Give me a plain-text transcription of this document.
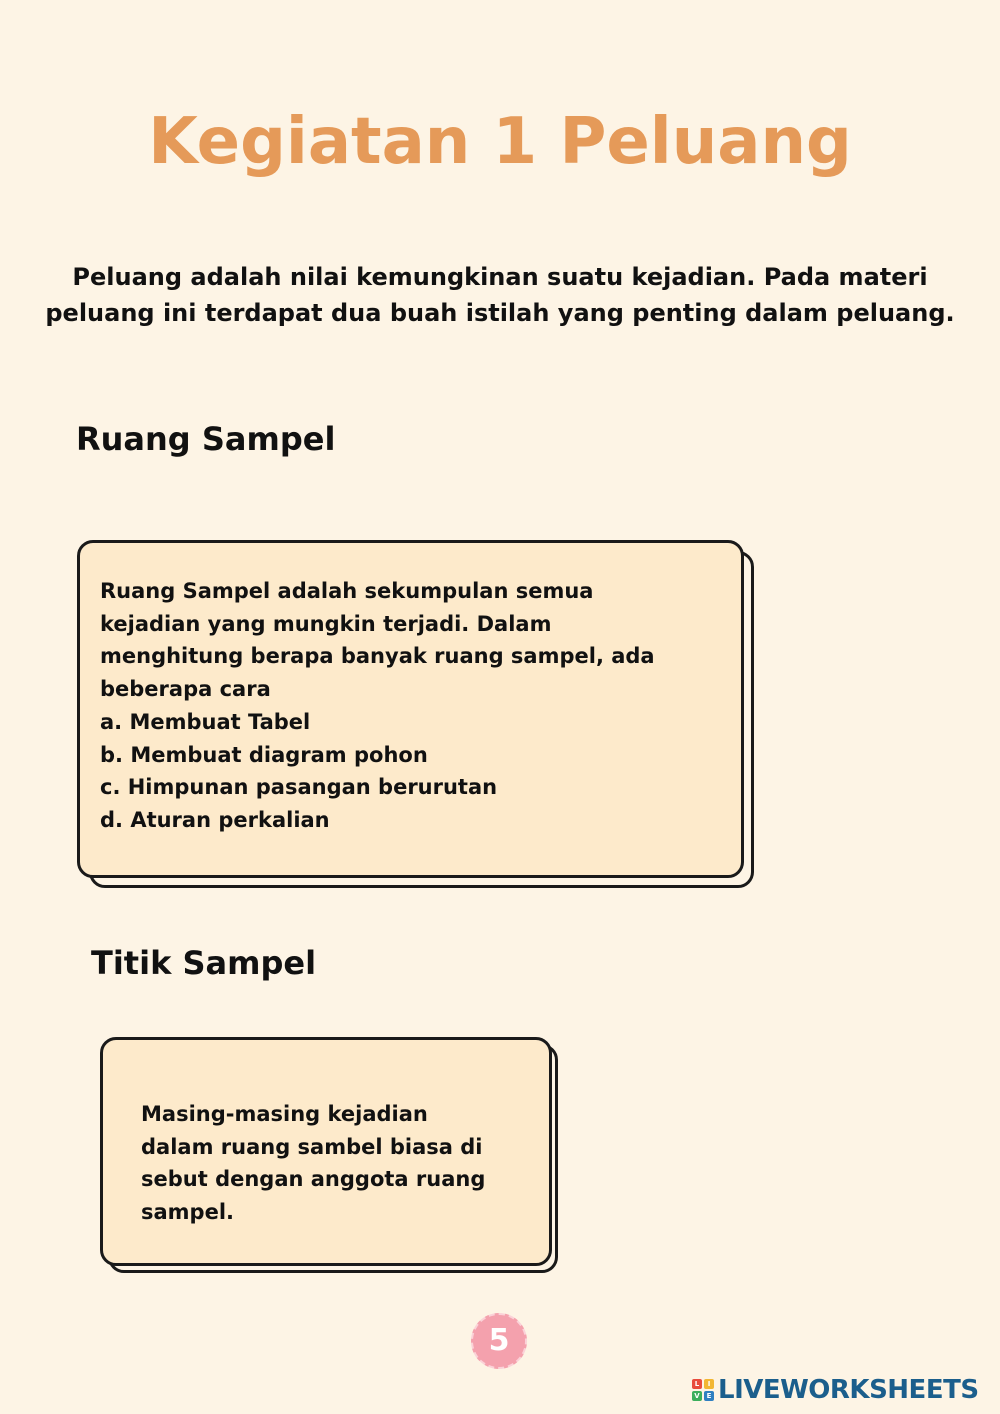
Kegiatan 1 Peluang
Peluang adalah nilai kemungkinan suatu kejadian. Pada materi
peluang ini terdapat dua buah istilah yang penting dalam peluang.
Ruang Sampel
Ruang Sampel adalah sekumpulan semua
kejadian yang mungkin terjadi. Dalam
menghitung berapa banyak ruang sampel, ada
beberapa cara
a. Membuat Tabel
b. Membuat diagram pohon
c. Himpunan pasangan berurutan
d. Aturan perkalian
Titik Sampel
Masing-masing kejadian
dalam ruang sambel biasa di
sebut dengan anggota ruang
sampel.
5
L	I
V E LIVEWORKSHEETS
